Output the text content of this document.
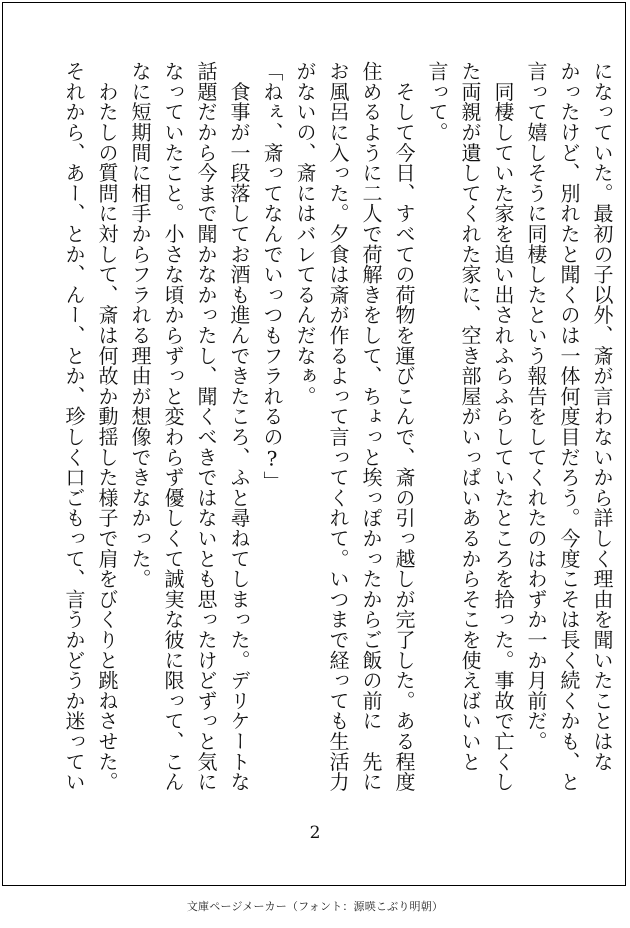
になっていた。最初の子以外、斎が言わないから詳しく理由を聞いたことはな
かったけど、別れたと聞くのは一体何度目だろう。今度こそは長く続くかも、と
言って嬉しそうに同棲したという報告をしてくれたのはわずか一か月前だ。
　同棲していた家を追い出されふらふらしていたところを拾った。事故で亡くし
た両親が遺してくれた家に、空き部屋がいっぱいあるからそこを使えばいいと
言って。
　そして今日、すべての荷物を運びこんで、斎の引っ越しが完了した。ある程度
住めるように二人で荷解きをして、ちょっと埃っぽかったからご飯の前に　先に
お風呂に入った。夕食は斎が作るよって言ってくれて。いつまで経っても生活力
がないの、斎にはバレてるんだなぁ。
「ねぇ、斎ってなんでいっつもフラれるの?」
　食事が一段落してお酒も進んできたころ、ふと尋ねてしまった。デリケートな
話題だから今まで聞かなかったし、聞くべきではないとも思ったけどずっと気に
なっていたこと。小さな頃からずっと変わらず優しくて誠実な彼に限って、こん
なに短期間に相手からフラれる理由が想像できなかった。
　わたしの質問に対して、斎は何故か動揺した様子で肩をびくりと跳ねさせた。
それから、あー、とか、んー、とか、珍しく口ごもって、言うかどうか迷ってい
2
文庫ページメーカー（フォント：源暎こぶり明朝）
